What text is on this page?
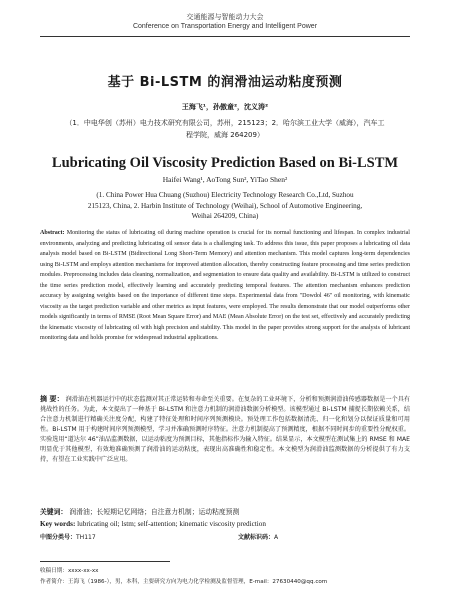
交通能源与智能动力大会
Conference on Transportation Energy and Intelligent Power
基于 Bi-LSTM 的润滑油运动粘度预测
王海飞¹，孙傲童²，沈义涛²
（1．中电华创（苏州）电力技术研究有限公司，苏州，215123；2．哈尔滨工业大学（威海），汽车工程学院，威海 264209）
Lubricating Oil Viscosity Prediction Based on Bi-LSTM
Haifei Wang¹, AoTong Sun², YiTao Shen²
(1. China Power Hua Chuang (Suzhou) Electricity Technology Research Co.,Ltd, Suzhou 215123, China, 2. Harbin Institute of Technology (Weihai), School of Automotive Engineering, Weihai 264209, China)
Abstract: Monitoring the status of lubricating oil during machine operation is crucial for its normal functioning and lifespan. In complex industrial environments, analyzing and predicting lubricating oil sensor data is a challenging task. To address this issue, this paper proposes a lubricating oil data analysis model based on Bi-LSTM (Bidirectional Long Short-Term Memory) and attention mechanism. This model captures long-term dependencies using Bi-LSTM and employs attention mechanisms for improved attention allocation, thereby constructing feature processing and time series prediction modules. Preprocessing includes data cleaning, normalization, and segmentation to ensure data quality and availability. Bi-LSTM is utilized to construct the time series prediction model, effectively learning and accurately predicting temporal features. The attention mechanism enhances prediction accuracy by assigning weights based on the importance of different time steps. Experimental data from "Dowdol 46" oil monitoring, with kinematic viscosity as the target prediction variable and other metrics as input features, were employed. The results demonstrate that our model outperforms other models significantly in terms of RMSE (Root Mean Square Error) and MAE (Mean Absolute Error) on the test set, effectively and accurately predicting the kinematic viscosity of lubricating oil with high precision and stability. This model in the paper provides strong support for the analysis of lubricant monitoring data and holds promise for widespread industrial applications.
摘 要： 润滑油在机器运行中的状态监测对其正常运转和寿命至关重要。在复杂的工业环境下，分析和预测润滑油传感器数据是一个具有挑战性的任务。为此，本文提出了一种基于 Bi-LSTM 和注意力机制的润滑油数据分析模型。该模型通过 Bi-LSTM 捕捉长期依赖关系，结合注意力机制进行精确关注度分配，构建了特征处理和时间序列预测模块。预处理工作包括数据清洗、归一化和划分以保证质量和可用性。Bi-LSTM 用于构建时间序列预测模型，学习并准确预测时序特征。注意力机制提高了预测精度，根据不同时间步的重要性分配权重。实验选用“道达尔 46”油品监测数据，以运动粘度为预测目标，其他指标作为输入特征。结果显示，本文模型在测试集上的 RMSE 和 MAE 明显优于其他模型，有效地准确预测了润滑油的运动粘度，表现出高准确性和稳定性。本文模型为润滑油监测数据的分析提供了有力支持，有望在工业实践中广泛应用。
关键词： 润滑油；长短期记忆网络；自注意力机制；运动粘度预测
Key words: lubricating oil; lstm; self-attention; kinematic viscosity prediction
中图分类号：TH117	文献标识码：A
收稿日期：xxxx-xx-xx
作者简介：王海飞（1986-），男，本科，主要研究方向为电力化学检测及监督管理，E-mail：27630440@qq.com
